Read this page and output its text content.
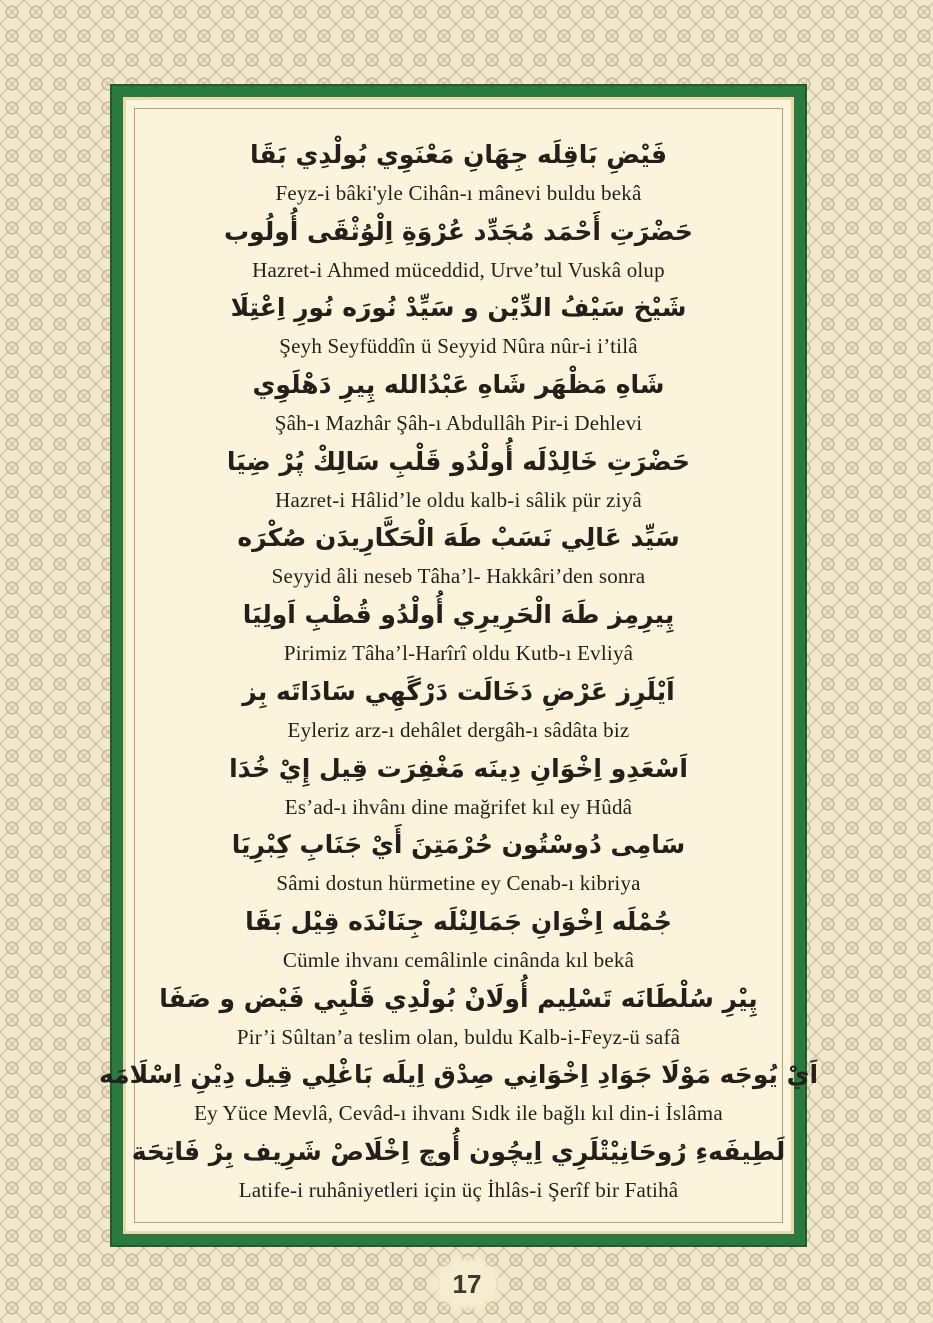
فَيْضِ بَاقِلَه جِهَانِ مَعْنَوِي بُولْدِي بَقَا
Feyz-i bâki'yle Cihân-ı mânevi buldu bekâ
حَضْرَتِ أَحْمَد مُجَدِّد عُرْوَةِ اِلْوُثْقَى أُولُوب
Hazret-i Ahmed müceddid, Urve’tul Vuskâ olup
شَيْخ سَيْفُ الدِّيْن و سَيِّدْ نُورَه نُورِ اِعْتِلَا
Şeyh Seyfüddîn ü Seyyid Nûra nûr-i i’tilâ
شَاهِ مَظْهَر شَاهِ عَبْدُالله پِيرِ دَهْلَوِي
Şâh-ı Mazhâr Şâh-ı Abdullâh Pir-i Dehlevi
حَضْرَتِ خَالِدْلَه أُولْدُو قَلْبِ سَالِكْ پُرْ ضِيَا
Hazret-i Hâlid’le oldu kalb-i sâlik pür ziyâ
سَيِّد عَالِي نَسَبْ طَهَ الْحَكَّارِيدَن صُكْرَه
Seyyid âli neseb Tâha’l- Hakkâri’den sonra
پِيرِمِز طَهَ الْحَرِيرِي أُولْدُو قُطْبِ اَولِيَا
Pirimiz Tâha’l-Harîrî oldu Kutb-ı Evliyâ
اَيْلَرِز عَرْضِ دَخَالَت دَرْگَهِي سَادَاتَه بِز
Eyleriz arz-ı dehâlet dergâh-ı sâdâta biz
اَسْعَدِو اِخْوَانِ دِينَه مَغْفِرَت قِيل إِيْ خُدَا
Es’ad-ı ihvânı dine mağrifet kıl ey Hûdâ
سَامِى دُوسْتُون حُرْمَتِنَ أَيْ جَنَابِ كِبْرِيَا
Sâmi dostun hürmetine ey Cenab-ı kibriya
جُمْلَه اِخْوَانِ جَمَالِنْلَه جِنَانْدَه قِيْل بَقَا
Cümle ihvanı cemâlinle cinânda kıl bekâ
پِيْرِ سُلْطَانَه تَسْلِيم أُولَانْ بُولْدِي قَلْبِي فَيْض و صَفَا
Pir’i Sûltan’a teslim olan, buldu Kalb-i-Feyz-ü safâ
اَيْ يُوجَه مَوْلَا جَوَادِ اِخْوَانِي صِدْق اِيلَه بَاغْلِي قِيل دِيْنِ اِسْلَامَه
Ey Yüce Mevlâ, Cevâd-ı ihvanı Sıdk ile bağlı kıl din-i İslâma
لَطِيفَهءِ رُوحَانِيْتْلَرِي اِيچُون أُوچ اِخْلَاصْ شَرِيف بِرْ فَاتِحَة
Latife-i ruhâniyetleri için üç İhlâs-i Şerîf bir Fatihâ
17
